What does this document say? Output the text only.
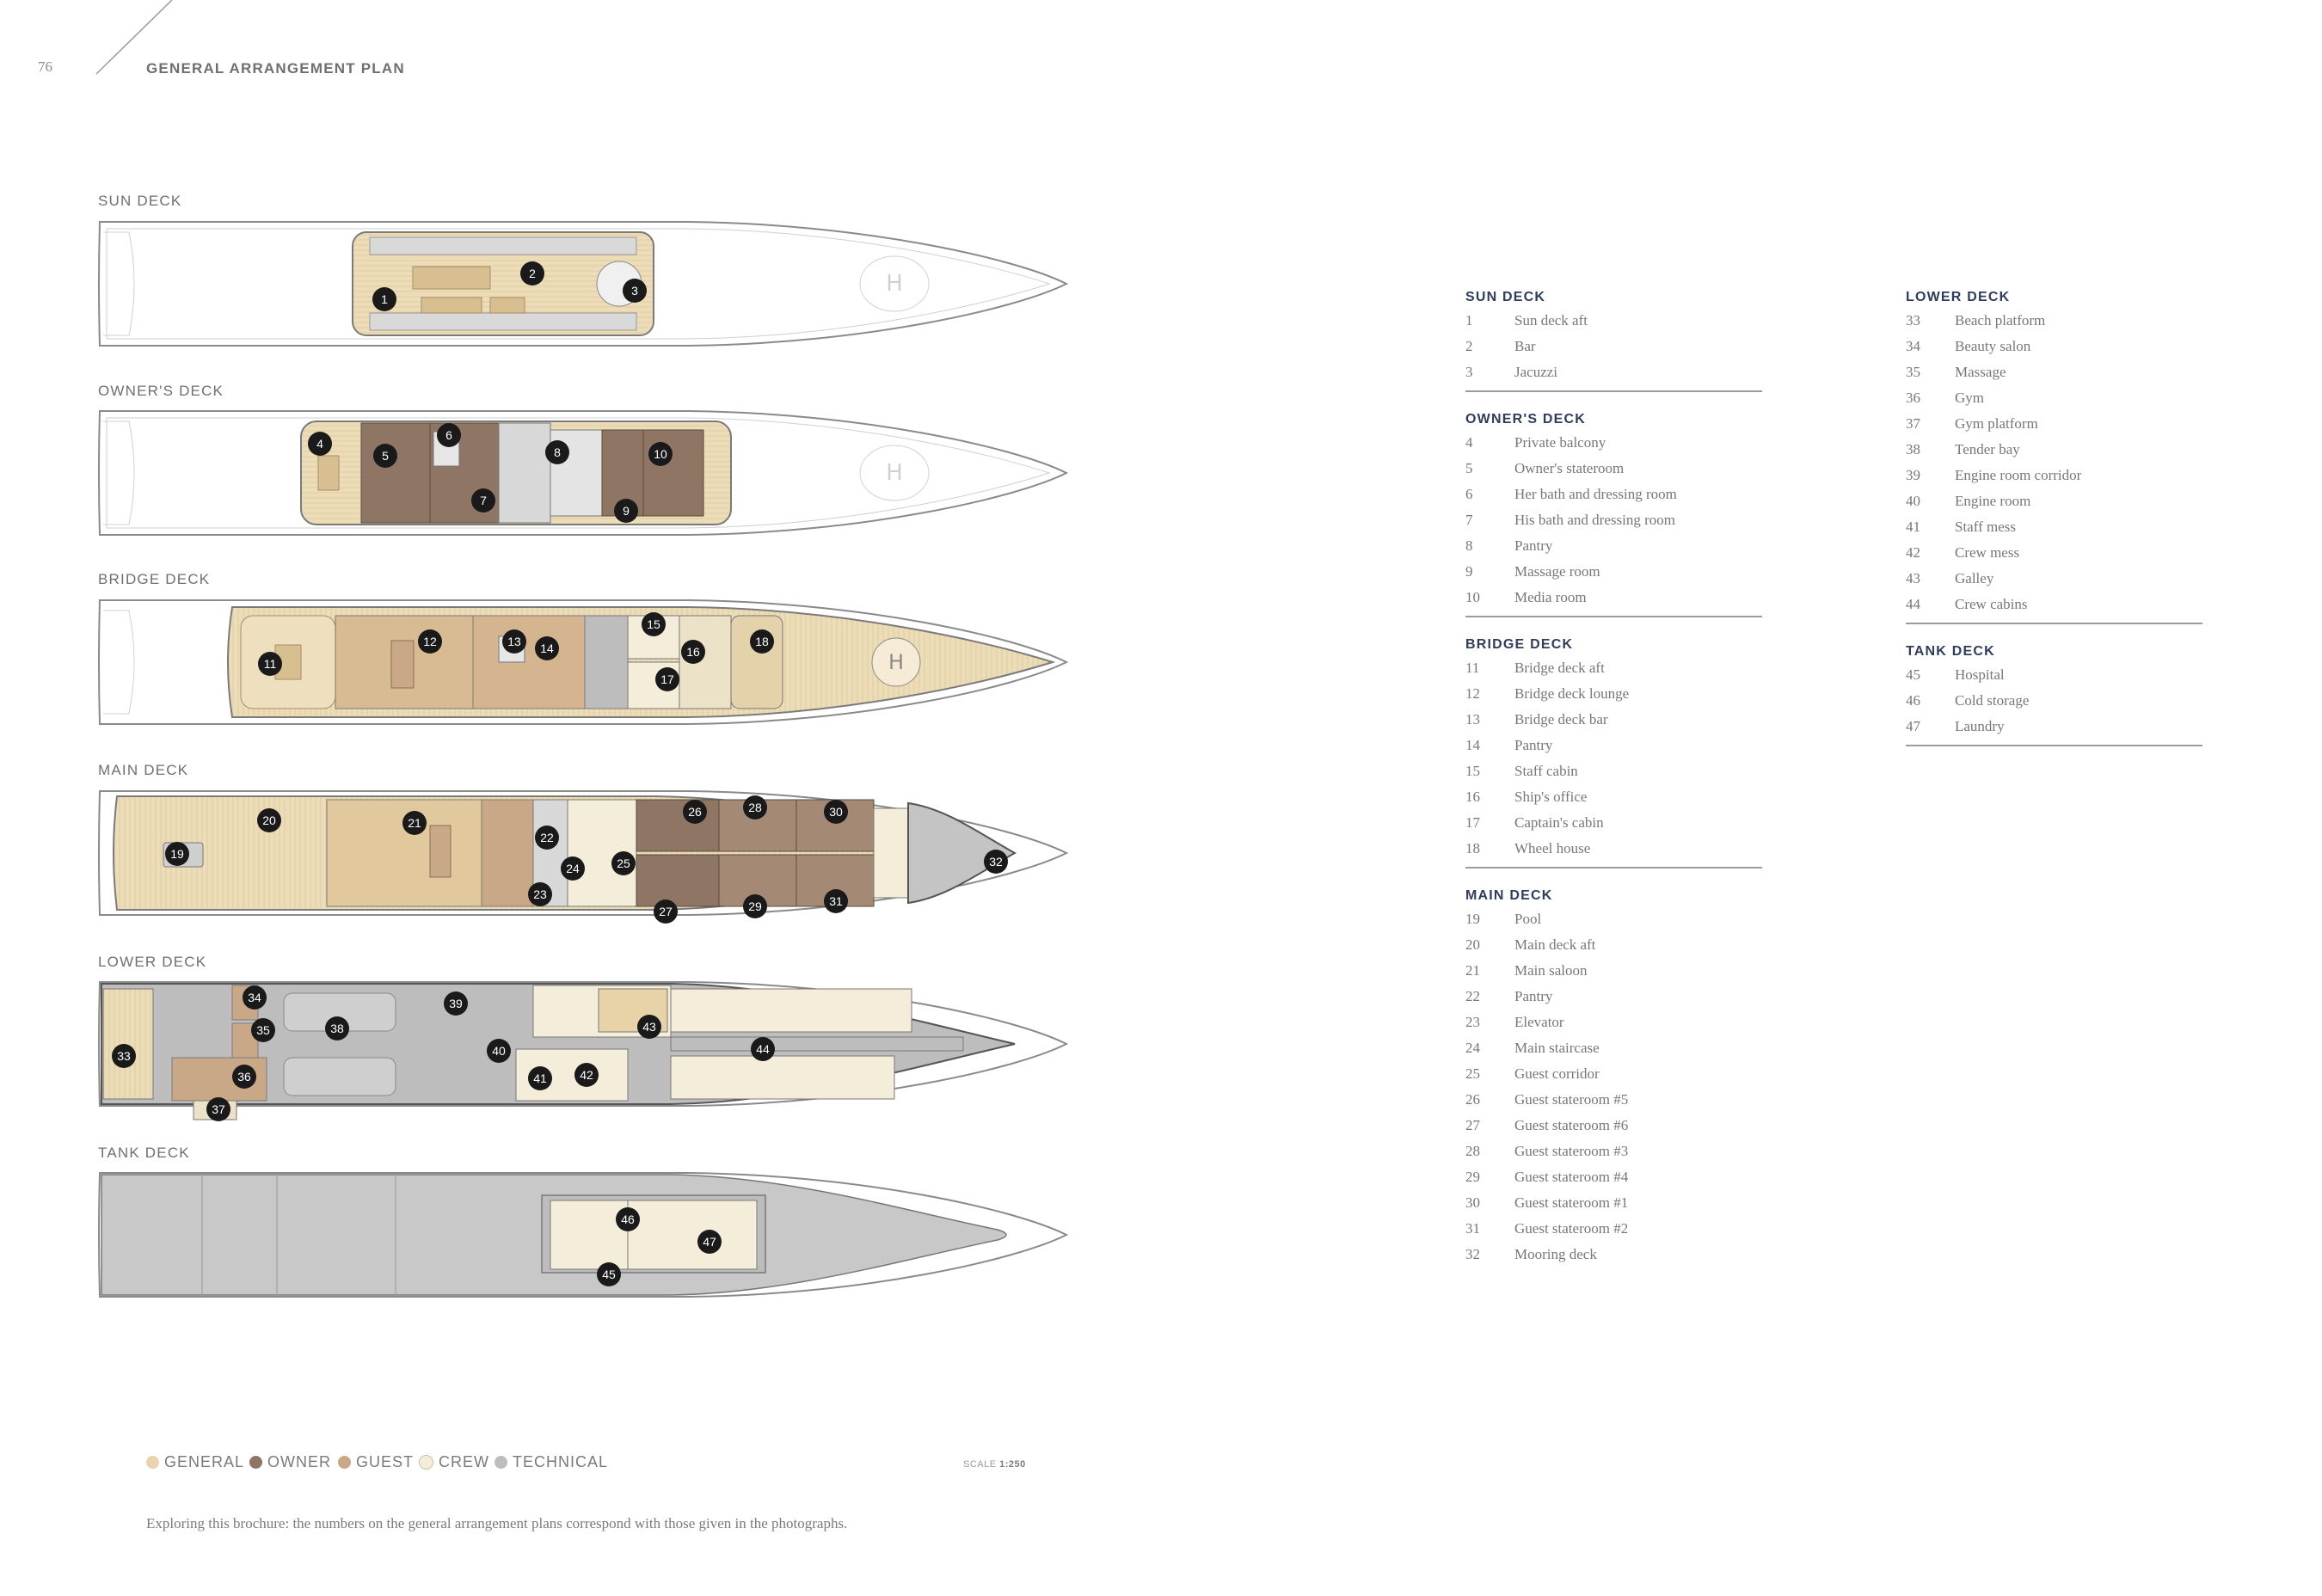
76	GENERAL ARRANGEMENT PLAN
SUN DECK
OWNER'S DECK
BRIDGE DECK
MAIN DECK
LOWER DECK
TANK DECK
H
H
H
1
2
3
4
5
6
7
8
9
10
11
12	13 14
15
16
17
18
19
20	21
22
23
24	25
26
27
28
29
30
31
32
33
34
35
36
37
38
39
40
41	42
43
44
45
46
47
GENERAL OWNER GUEST CREW TECHNICAL	SCALE 1:250
Exploring this brochure: the numbers on the general arrangement plans correspond with those given in the photographs.
SUN DECK
1	Sun deck aft
2	Bar
3	Jacuzzi
OWNER'S DECK
4	Private balcony
5	Owner's stateroom
6	Her bath and dressing room
7	His bath and dressing room
8	Pantry
9	Massage room
10	Media room
BRIDGE DECK
11	Bridge deck aft
12	Bridge deck lounge
13	Bridge deck bar
14	Pantry
15	Staff cabin
16	Ship's office
17	Captain's cabin
18	Wheel house
MAIN DECK
19	Pool
20	Main deck aft
21	Main saloon
22	Pantry
23	Elevator
24	Main staircase
25	Guest corridor
26	Guest stateroom #5
27	Guest stateroom #6
28	Guest stateroom #3
29	Guest stateroom #4
30	Guest stateroom #1
31	Guest stateroom #2
32	Mooring deck
LOWER DECK
33	Beach platform
34	Beauty salon
35	Massage
36	Gym
37	Gym platform
38	Tender bay
39	Engine room corridor
40	Engine room
41	Staff mess
42	Crew mess
43	Galley
44	Crew cabins
TANK DECK
45	Hospital
46	Cold storage
47	Laundry
